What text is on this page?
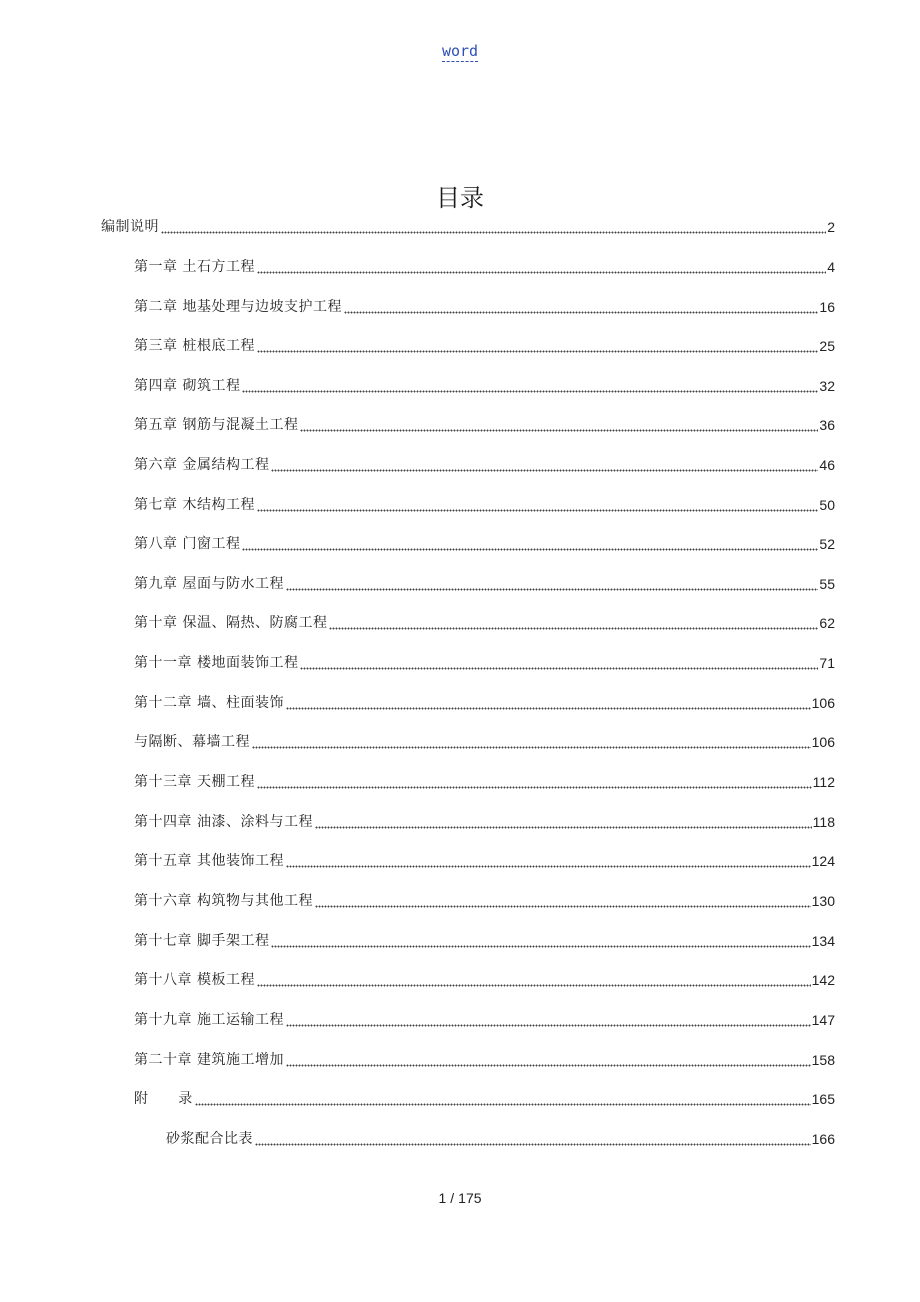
word
目录
编制说明	2
第一章 土石方工程	4
第二章 地基处理与边坡支护工程	16
第三章 桩根底工程	25
第四章 砌筑工程	32
第五章 钢筋与混凝土工程	36
第六章 金属结构工程	46
第七章 木结构工程	50
第八章 门窗工程	52
第九章 屋面与防水工程	55
第十章 保温、隔热、防腐工程	62
第十一章 楼地面装饰工程	71
第十二章 墙、柱面装饰	106
与隔断、幕墙工程	106
第十三章 天棚工程	112
第十四章 油漆、涂料与工程	118
第十五章 其他装饰工程	124
第十六章 构筑物与其他工程	130
第十七章 脚手架工程	134
第十八章 模板工程	142
第十九章 施工运输工程	147
第二十章 建筑施工增加	158
附      录	165
砂浆配合比表	166
1 / 175
